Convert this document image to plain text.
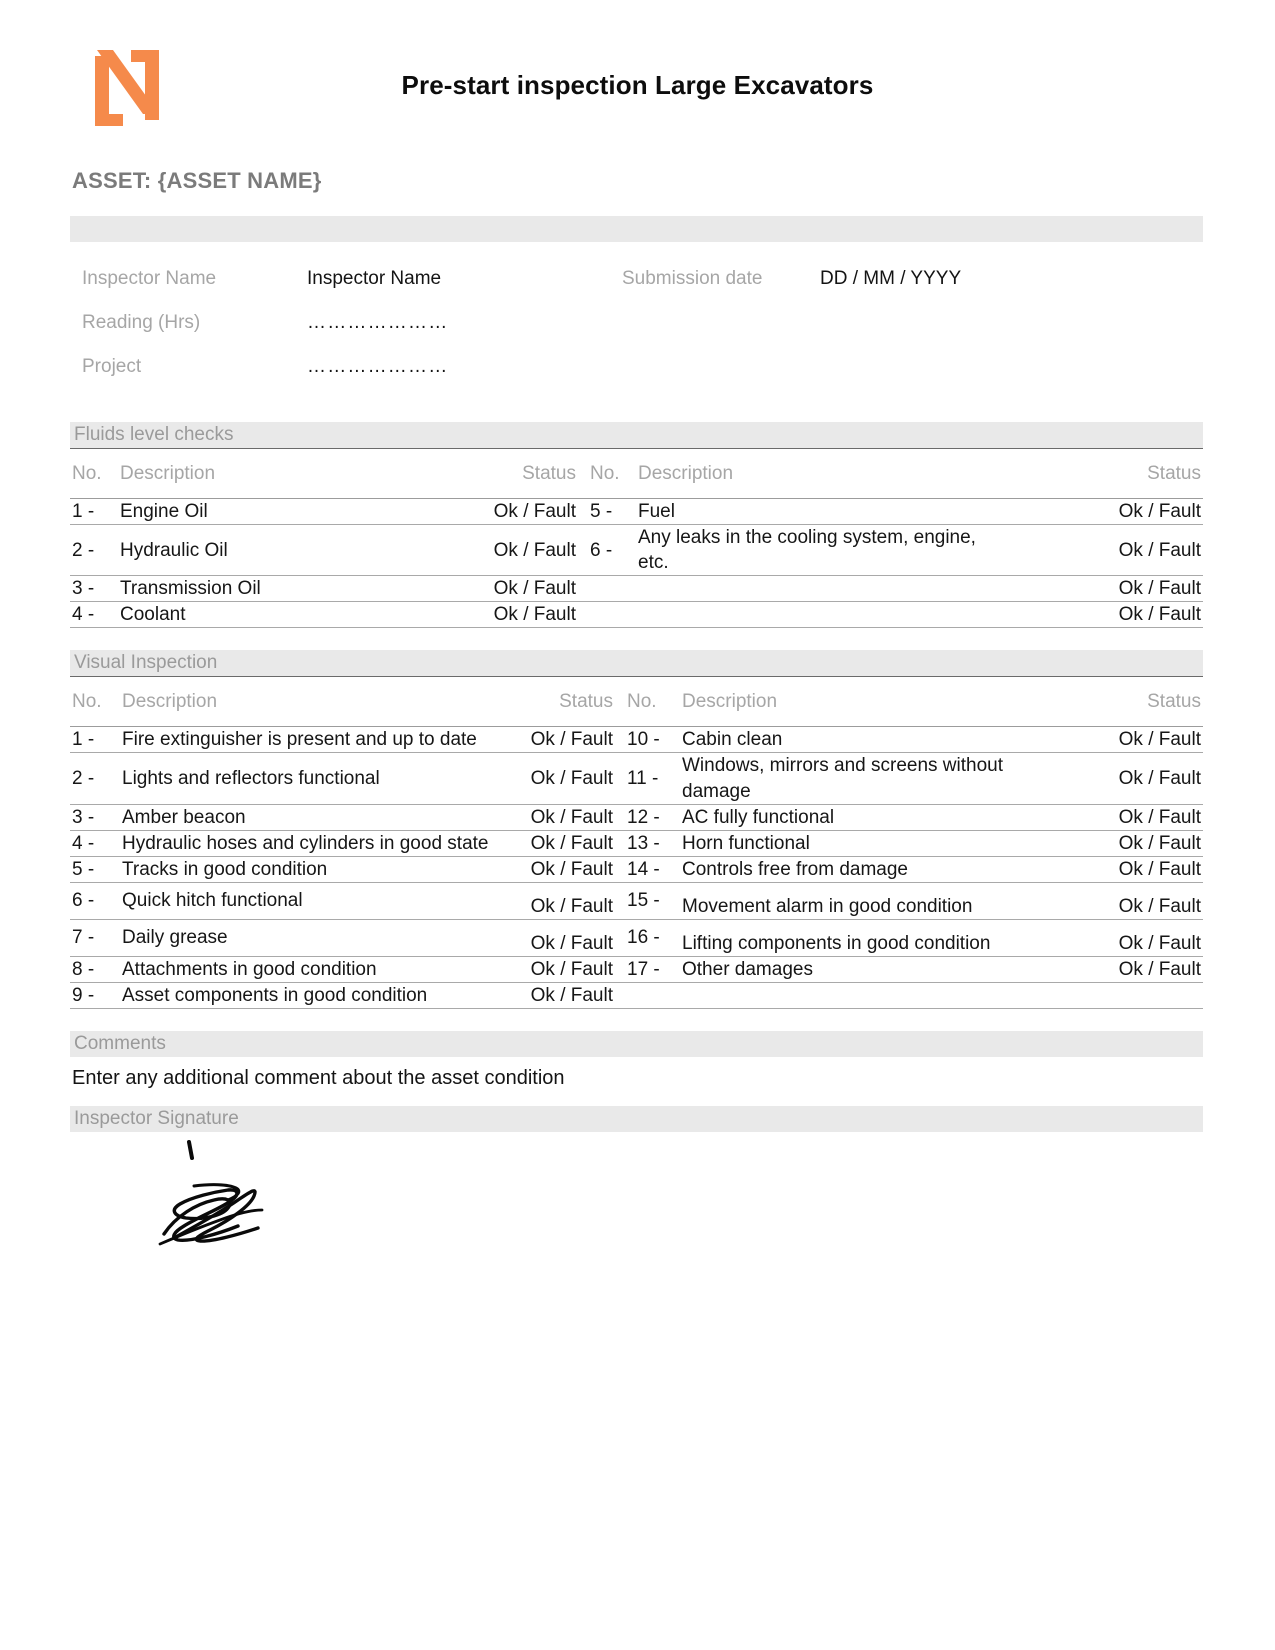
Pre-start inspection Large Excavators
ASSET: {ASSET NAME}
Inspector Name	Inspector Name	Submission date	DD / MM / YYYY
Reading (Hrs)	…………………
Project	…………………
Fluids level checks
No.	Description	Status	No.	Description	Status
1 -	Engine Oil	Ok / Fault	5 -	Fuel	Ok / Fault
2 -	Hydraulic Oil	Ok / Fault	6 -	Any leaks in the cooling system, engine, etc.	Ok / Fault
3 -	Transmission Oil	Ok / Fault			Ok / Fault
4 -	Coolant	Ok / Fault			Ok / Fault
Visual Inspection
No.	Description	Status	No.	Description	Status
1 -	Fire extinguisher is present and up to date	Ok / Fault	10 -	Cabin clean	Ok / Fault
2 -	Lights and reflectors functional	Ok / Fault	11 -	Windows, mirrors and screens without damage	Ok / Fault
3 -	Amber beacon	Ok / Fault	12 -	AC fully functional	Ok / Fault
4 -	Hydraulic hoses and cylinders in good state	Ok / Fault	13 -	Horn functional	Ok / Fault
5 -	Tracks in good condition	Ok / Fault	14 -	Controls free from damage	Ok / Fault
6 -	Quick hitch functional	Ok / Fault	15 -	Movement alarm in good condition	Ok / Fault
7 -	Daily grease	Ok / Fault	16 -	Lifting components in good condition	Ok / Fault
8 -	Attachments in good condition	Ok / Fault	17 -	Other damages	Ok / Fault
9 -	Asset components in good condition	Ok / Fault			
Comments
Enter any additional comment about the asset condition
Inspector Signature
